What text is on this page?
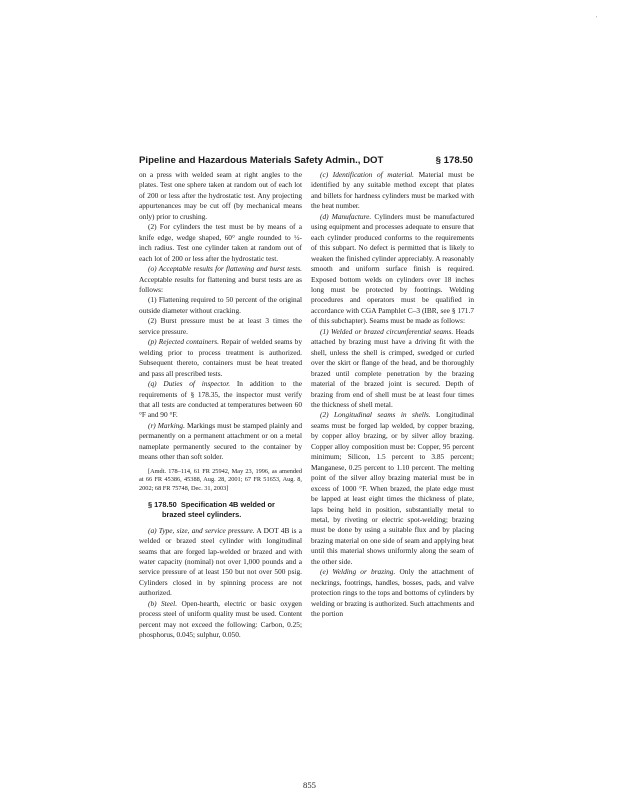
'
Pipeline and Hazardous Materials Safety Admin., DOT	§ 178.50

on a press with welded seam at right angles to the plates. Test one sphere taken at random out of each lot of 200 or less after the hydrostatic test. Any projecting appurtenances may be cut off (by mechanical means only) prior to crushing.

(2) For cylinders the test must be by means of a knife edge, wedge shaped, 60° angle rounded to ½-inch radius. Test one cylinder taken at random out of each lot of 200 or less after the hydrostatic test.

(o) Acceptable results for flattening and burst tests. Acceptable results for flattening and burst tests are as follows:

(1) Flattening required to 50 percent of the original outside diameter without cracking.

(2) Burst pressure must be at least 3 times the service pressure.

(p) Rejected containers. Repair of welded seams by welding prior to process treatment is authorized. Subsequent thereto, containers must be heat treated and pass all prescribed tests.

(q) Duties of inspector. In addition to the requirements of § 178.35, the inspector must verify that all tests are conducted at temperatures between 60 °F and 90 °F.

(r) Marking. Markings must be stamped plainly and permanently on a permanent attachment or on a metal nameplate permanently secured to the container by means other than soft solder.

[Amdt. 178–114, 61 FR 25942, May 23, 1996, as amended at 66 FR 45386, 45388, Aug. 28, 2001; 67 FR 51653, Aug. 8, 2002; 68 FR 75748, Dec. 31, 2003]

§ 178.50 Specification 4B welded or
brazed steel cylinders.

(a) Type, size, and service pressure. A DOT 4B is a welded or brazed steel cylinder with longitudinal seams that are forged lap-welded or brazed and with water capacity (nominal) not over 1,000 pounds and a service pressure of at least 150 but not over 500 psig. Cylinders closed in by spinning process are not authorized.

(b) Steel. Open-hearth, electric or basic oxygen process steel of uniform quality must be used. Content percent may not exceed the following: Carbon, 0.25; phosphorus, 0.045; sulphur, 0.050.

(c) Identification of material. Material must be identified by any suitable method except that plates and billets for hardness cylinders must be marked with the heat number.

(d) Manufacture. Cylinders must be manufactured using equipment and processes adequate to ensure that each cylinder produced conforms to the requirements of this subpart. No defect is permitted that is likely to weaken the finished cylinder appreciably. A reasonably smooth and uniform surface finish is required. Exposed bottom welds on cylinders over 18 inches long must be protected by footrings. Welding procedures and operators must be qualified in accordance with CGA Pamphlet C–3 (IBR, see § 171.7 of this subchapter). Seams must be made as follows:

(1) Welded or brazed circumferential seams. Heads attached by brazing must have a driving fit with the shell, unless the shell is crimped, swedged or curled over the skirt or flange of the head, and be thoroughly brazed until complete penetration by the brazing material of the brazed joint is secured. Depth of brazing from end of shell must be at least four times the thickness of shell metal.

(2) Longitudinal seams in shells. Longitudinal seams must be forged lap welded, by copper brazing, by copper alloy brazing, or by silver alloy brazing. Copper alloy composition must be: Copper, 95 percent minimum; Silicon, 1.5 percent to 3.85 percent; Manganese, 0.25 percent to 1.10 percent. The melting point of the silver alloy brazing material must be in excess of 1000 °F. When brazed, the plate edge must be lapped at least eight times the thickness of plate, laps being held in position, substantially metal to metal, by riveting or electric spot-welding; brazing must be done by using a suitable flux and by placing brazing material on one side of seam and applying heat until this material shows uniformly along the seam of the other side.

(e) Welding or brazing. Only the attachment of neckrings, footrings, handles, bosses, pads, and valve protection rings to the tops and bottoms of cylinders by welding or brazing is authorized. Such attachments and the portion

855
